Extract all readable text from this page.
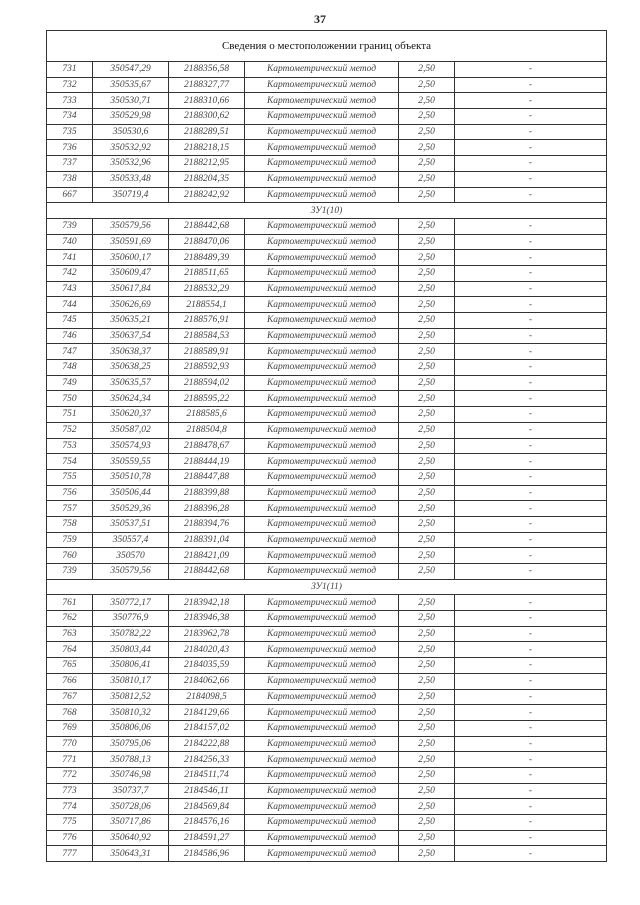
37
Сведения о местоположении границ объекта					
731	350547,29	2188356,58	Картометрический метод	2,50	-
732	350535,67	2188327,77	Картометрический метод	2,50	-
733	350530,71	2188310,66	Картометрический метод	2,50	-
734	350529,98	2188300,62	Картометрический метод	2,50	-
735	350530,6	2188289,51	Картометрический метод	2,50	-
736	350532,92	2188218,15	Картометрический метод	2,50	-
737	350532,96	2188212,95	Картометрический метод	2,50	-
738	350533,48	2188204,35	Картометрический метод	2,50	-
667	350719,4	2188242,92	Картометрический метод	2,50	-
ЗУ1(10)					
739	350579,56	2188442,68	Картометрический метод	2,50	-
740	350591,69	2188470,06	Картометрический метод	2,50	-
741	350600,17	2188489,39	Картометрический метод	2,50	-
742	350609,47	2188511,65	Картометрический метод	2,50	-
743	350617,84	2188532,29	Картометрический метод	2,50	-
744	350626,69	2188554,1	Картометрический метод	2,50	-
745	350635,21	2188576,91	Картометрический метод	2,50	-
746	350637,54	2188584,53	Картометрический метод	2,50	-
747	350638,37	2188589,91	Картометрический метод	2,50	-
748	350638,25	2188592,93	Картометрический метод	2,50	-
749	350635,57	2188594,02	Картометрический метод	2,50	-
750	350624,34	2188595,22	Картометрический метод	2,50	-
751	350620,37	2188585,6	Картометрический метод	2,50	-
752	350587,02	2188504,8	Картометрический метод	2,50	-
753	350574,93	2188478,67	Картометрический метод	2,50	-
754	350559,55	2188444,19	Картометрический метод	2,50	-
755	350510,78	2188447,88	Картометрический метод	2,50	-
756	350506,44	2188399,88	Картометрический метод	2,50	-
757	350529,36	2188396,28	Картометрический метод	2,50	-
758	350537,51	2188394,76	Картометрический метод	2,50	-
759	350557,4	2188391,04	Картометрический метод	2,50	-
760	350570	2188421,09	Картометрический метод	2,50	-
739	350579,56	2188442,68	Картометрический метод	2,50	-
ЗУ1(11)					
761	350772,17	2183942,18	Картометрический метод	2,50	-
762	350776,9	2183946,38	Картометрический метод	2,50	-
763	350782,22	2183962,78	Картометрический метод	2,50	-
764	350803,44	2184020,43	Картометрический метод	2,50	-
765	350806,41	2184035,59	Картометрический метод	2,50	-
766	350810,17	2184062,66	Картометрический метод	2,50	-
767	350812,52	2184098,5	Картометрический метод	2,50	-
768	350810,32	2184129,66	Картометрический метод	2,50	-
769	350806,06	2184157,02	Картометрический метод	2,50	-
770	350795,06	2184222,88	Картометрический метод	2,50	-
771	350788,13	2184256,33	Картометрический метод	2,50	-
772	350746,98	2184511,74	Картометрический метод	2,50	-
773	350737,7	2184546,11	Картометрический метод	2,50	-
774	350728,06	2184569,84	Картометрический метод	2,50	-
775	350717,86	2184576,16	Картометрический метод	2,50	-
776	350640,92	2184591,27	Картометрический метод	2,50	-
777	350643,31	2184586,96	Картометрический метод	2,50	-
